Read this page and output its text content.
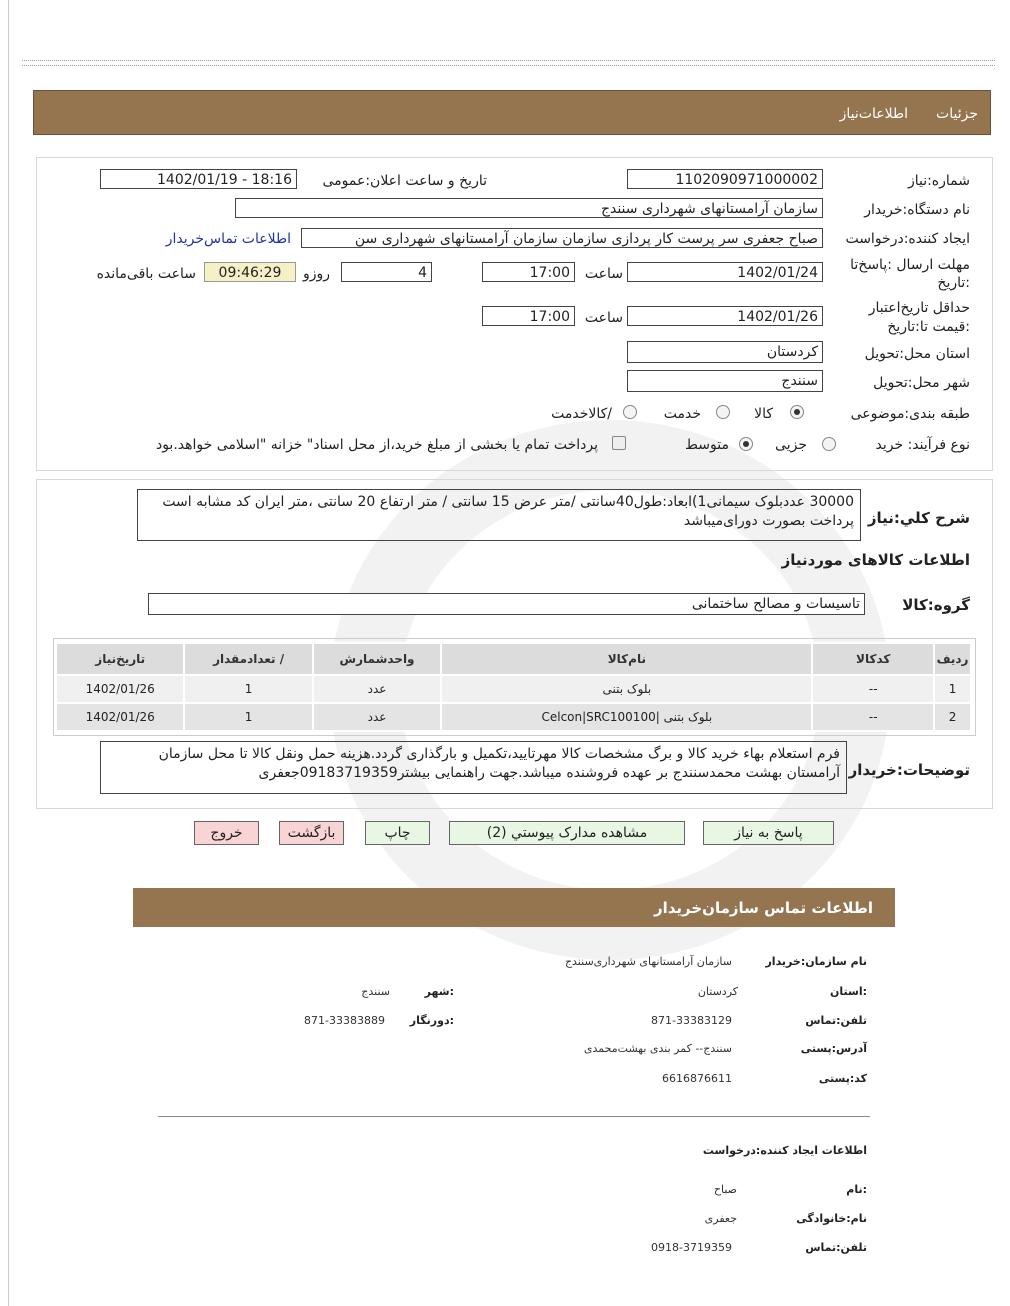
جزئیات
اطلاعات‌نیاز
شماره:نیاز
1102090971000002
تاریخ و ساعت اعلان:عمومی
1402/01/19 - 18:16
نام دستگاه:خریدار
سازمان آرامستانهای شهرداری سنندج
ایجاد کننده:درخواست
صباح جعفری سر پرست کار پردازی سازمان سازمان آرامستانهای شهرداری سن
اطلاعات تماس‌خریدار
مهلت ارسال :پاسخ‌تا
:تاریخ
1402/01/24
ساعت
17:00
4
روزو
09:46:29
ساعت باقی‌مانده
حداقل تاریخ‌اعتبار
:قیمت تا:تاریخ
1402/01/26
ساعت
17:00
استان محل:تحویل
کردستان
شهر محل:تحویل
سنندج
طبقه بندی:موضوعی
کالا
خدمت
/کالاخدمت
نوع فرآیند: خرید
جزیی
متوسط
پرداخت تمام یا بخشی از مبلغ خرید،از محل اسناد" خزانه "اسلامی خواهد.بود
شرح کلي:نياز
30000 عددبلوک سیمانی1)ابعاد:طول40سانتی /متر عرض 15 سانتی / متر ارتفاع 20 سانتی ،متر ایران کد مشابه است پرداخت بصورت دورای‌میباشد
اطلاعات کالاهای موردنیاز
گروه:کالا
تاسیسات و مصالح ساختمانی
ردیف	کدکالا	نام‌کالا	واحدشمارش	/ تعدادمقدار	تاریخ‌نیاز
1	--	بلوک بتنی	عدد	1	1402/01/26
2	--	بلوک بتنی |Celcon|SRC100100	عدد	1	1402/01/26
توضیحات:خریدار
فرم استعلام بهاء خرید کالا و برگ مشخصات کالا مهرتایید،تکمیل و بارگذاری گردد.هزینه حمل ونقل کالا تا محل سازمان آرامستان بهشت محمدسنندج بر عهده فروشنده میباشد.جهت راهنمایی بیشتر09183719359جعفری
پاسخ به نیاز
مشاهده مدارک پیوستي (2)
چاپ
بازگشت
خروج
اطلاعات تماس سازمان‌خریدار
نام سازمان:خریدار
سازمان آرامستانهای شهرداری‌سنندج
:استان
کردستان
:شهر
سنندج
تلفن:تماس
871-33383129
:دورنگار
871-33383889
آدرس:پستی
سنندج-- کمر بندی بهشت‌محمدی
کد:پستی
6616876611
اطلاعات ایجاد کننده:درخواست
:نام
صباح
نام:خانوادگی
جعفری
تلفن:تماس
0918-3719359
